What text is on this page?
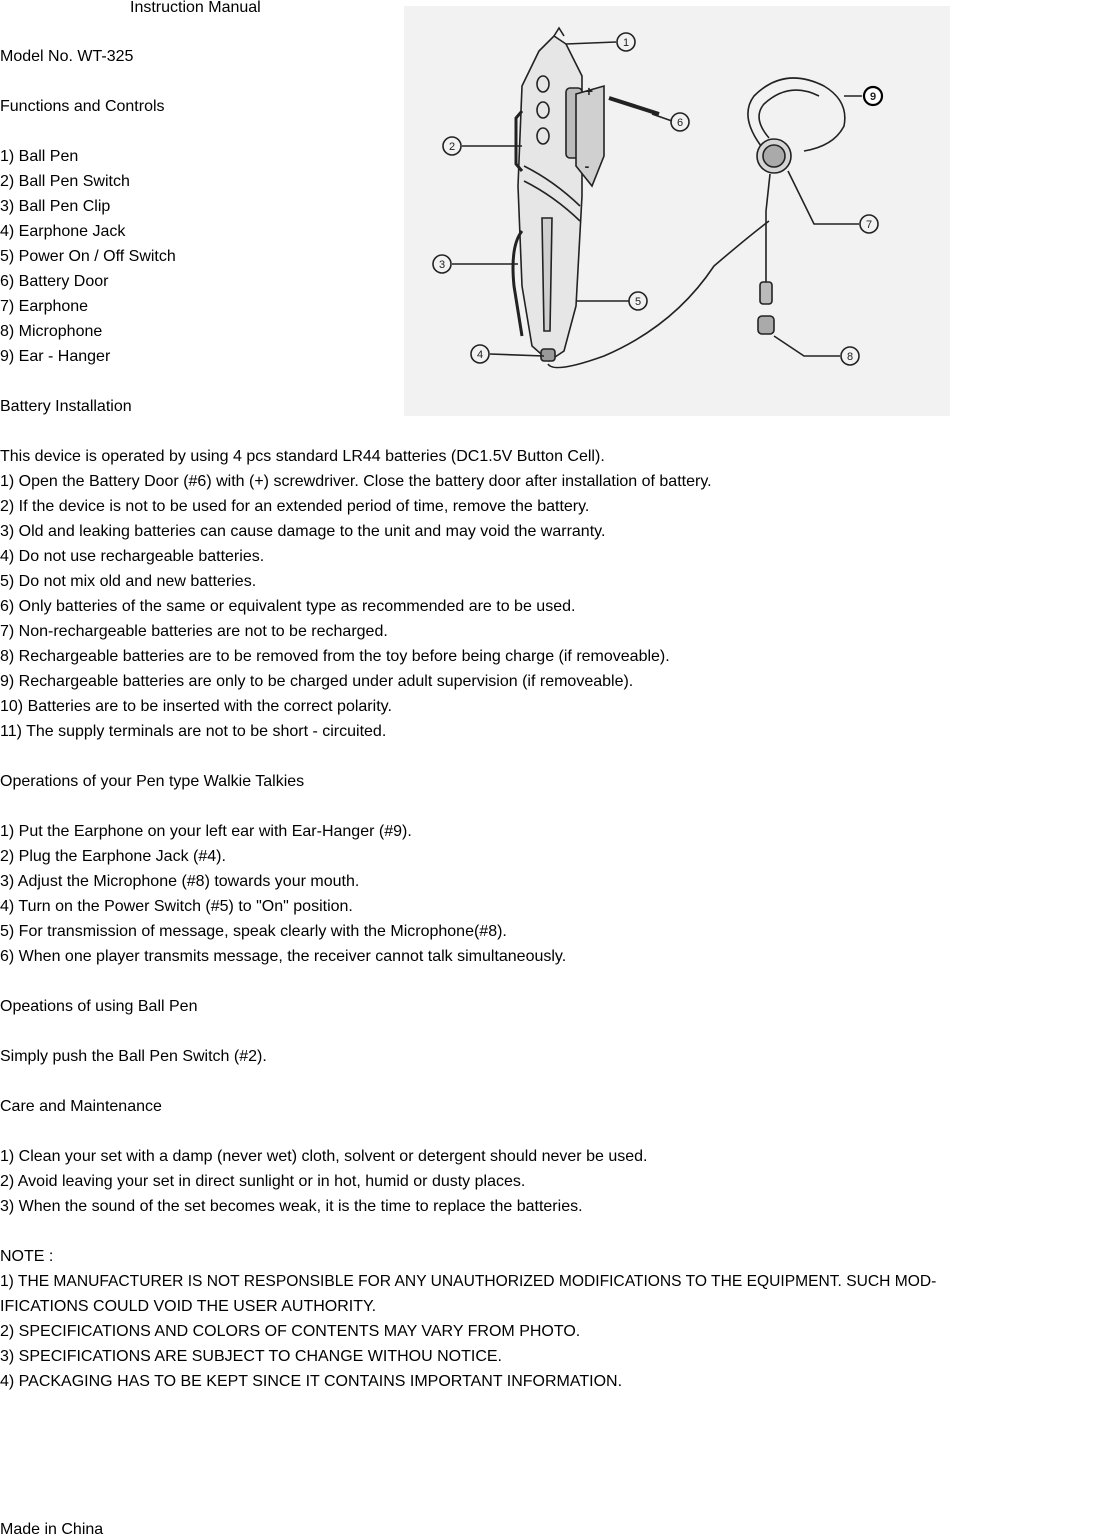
Instruction Manual
Model No. WT-325
Functions and Controls
1) Ball Pen
2) Ball Pen Switch
3) Ball Pen Clip
4) Earphone Jack
5) Power On / Off Switch
6) Battery Door
7) Earphone
8) Microphone
9) Ear - Hanger
Battery Installation
1
2
3
4
5
6
7
8
9
+
-
This device is operated by using 4 pcs standard LR44 batteries (DC1.5V Button Cell).
1) Open the Battery Door (#6) with (+) screwdriver. Close the battery door after installation of battery.
2) If the device is not to be used for an extended period of time, remove the battery.
3) Old and leaking batteries can cause damage to the unit and may void the warranty.
4) Do not use rechargeable batteries.
5) Do not mix old and new batteries.
6) Only batteries of the same or equivalent type as recommended are to be used.
7) Non-rechargeable batteries are not to be recharged.
8) Rechargeable batteries are to be removed from the toy before being charge (if removeable).
9) Rechargeable batteries are only to be charged under adult supervision (if removeable).
10) Batteries are to be inserted with the correct polarity.
11) The supply terminals are not to be short - circuited.
Operations of your Pen type Walkie Talkies
1) Put the Earphone on your left ear with Ear-Hanger (#9).
2) Plug the Earphone Jack (#4).
3) Adjust the Microphone (#8) towards your mouth.
4) Turn on the Power Switch (#5) to "On" position.
5) For transmission of message, speak clearly with the Microphone(#8).
6) When one player transmits message, the receiver cannot talk simultaneously.
Opeations of using Ball Pen
Simply push the Ball Pen Switch (#2).
Care and Maintenance
1) Clean your set with a damp (never wet) cloth, solvent or detergent should never be used.
2) Avoid leaving your set in direct sunlight or in hot, humid or dusty places.
3) When the sound of the set becomes weak, it is the time to replace the batteries.
NOTE :
1) THE MANUFACTURER IS NOT RESPONSIBLE FOR ANY UNAUTHORIZED MODIFICATIONS TO THE EQUIPMENT. SUCH MOD-
IFICATIONS COULD VOID THE USER AUTHORITY.
2) SPECIFICATIONS AND COLORS OF CONTENTS MAY VARY FROM PHOTO.
3) SPECIFICATIONS ARE SUBJECT TO CHANGE WITHOU NOTICE.
4) PACKAGING HAS TO BE KEPT SINCE IT CONTAINS IMPORTANT INFORMATION.
Made in China
